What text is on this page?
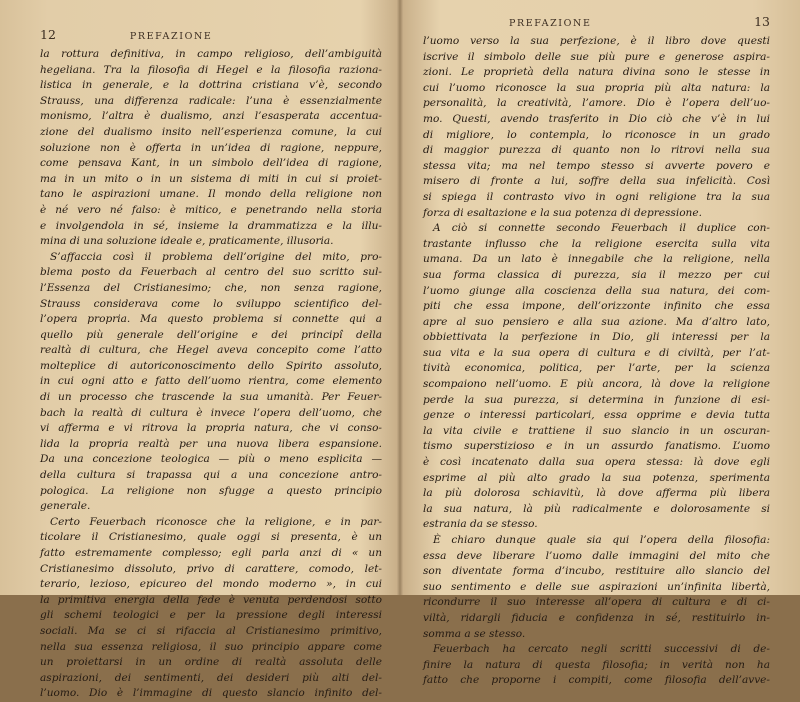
12	PREFAZIONE
la rottura definitiva, in campo religioso, dell’ambiguità
hegeliana. Tra la filosofia di Hegel e la filosofia raziona-
listica in generale, e la dottrina cristiana v’è, secondo
Strauss, una differenza radicale: l’una è essenzialmente
monismo, l’altra è dualismo, anzi l’esasperata accentua-
zione del dualismo insito nell’esperienza comune, la cui
soluzione non è offerta in un’idea di ragione, neppure,
come pensava Kant, in un simbolo dell’idea di ragione,
ma in un mito o in un sistema di miti in cui si proiet-
tano le aspirazioni umane. Il mondo della religione non
è né vero né falso: è mitico, e penetrando nella storia
e involgendola in sé, insieme la drammatizza e la illu-
mina di una soluzione ideale e, praticamente, illusoria.
S’affaccia così il problema dell’origine del mito, pro-
blema posto da Feuerbach al centro del suo scritto sul-
l’Essenza del Cristianesimo; che, non senza ragione,
Strauss considerava come lo sviluppo scientifico del-
l’opera propria. Ma questo problema si connette qui a
quello più generale dell’origine e dei principî della
realtà di cultura, che Hegel aveva concepito come l’atto
molteplice di autoriconoscimento dello Spirito assoluto,
in cui ogni atto e fatto dell’uomo rientra, come elemento
di un processo che trascende la sua umanità. Per Feuer-
bach la realtà di cultura è invece l’opera dell’uomo, che
vi afferma e vi ritrova la propria natura, che vi conso-
lida la propria realtà per una nuova libera espansione.
Da una concezione teologica — più o meno esplicita —
della cultura si trapassa qui a una concezione antro-
pologica. La religione non sfugge a questo principio
generale.
Certo Feuerbach riconosce che la religione, e in par-
ticolare il Cristianesimo, quale oggi si presenta, è un
fatto estremamente complesso; egli parla anzi di « un
Cristianesimo dissoluto, privo di carattere, comodo, let-
terario, lezioso, epicureo del mondo moderno », in cui
la primitiva energia della fede è venuta perdendosi sotto
gli schemi teologici e per la pressione degli interessi
sociali. Ma se ci si rifaccia al Cristianesimo primitivo,
nella sua essenza religiosa, il suo principio appare come
un proiettarsi in un ordine di realtà assoluta delle
aspirazioni, dei sentimenti, dei desideri più alti del-
l’uomo. Dio è l’immagine di questo slancio infinito del-
PREFAZIONE	13
l’uomo verso la sua perfezione, è il libro dove questi
iscrive il simbolo delle sue più pure e generose aspira-
zioni. Le proprietà della natura divina sono le stesse in
cui l’uomo riconosce la sua propria più alta natura: la
personalità, la creatività, l’amore. Dio è l’opera dell’uo-
mo. Questi, avendo trasferito in Dio ciò che v’è in lui
di migliore, lo contempla, lo riconosce in un grado
di maggior purezza di quanto non lo ritrovi nella sua
stessa vita; ma nel tempo stesso si avverte povero e
misero di fronte a lui, soffre della sua infelicità. Così
si spiega il contrasto vivo in ogni religione tra la sua
forza di esaltazione e la sua potenza di depressione.
A ciò si connette secondo Feuerbach il duplice con-
trastante influsso che la religione esercita sulla vita
umana. Da un lato è innegabile che la religione, nella
sua forma classica di purezza, sia il mezzo per cui
l’uomo giunge alla coscienza della sua natura, dei com-
piti che essa impone, dell’orizzonte infinito che essa
apre al suo pensiero e alla sua azione. Ma d’altro lato,
obbiettivata la perfezione in Dio, gli interessi per la
sua vita e la sua opera di cultura e di civiltà, per l’at-
tività economica, politica, per l’arte, per la scienza
scompaiono nell’uomo. E più ancora, là dove la religione
perde la sua purezza, si determina in funzione di esi-
genze o interessi particolari, essa opprime e devia tutta
la vita civile e trattiene il suo slancio in un oscuran-
tismo superstizioso e in un assurdo fanatismo. L’uomo
è così incatenato dalla sua opera stessa: là dove egli
esprime al più alto grado la sua potenza, sperimenta
la più dolorosa schiavitù, là dove afferma più libera
la sua natura, là più radicalmente e dolorosamente si
estrania da se stesso.
È chiaro dunque quale sia qui l’opera della filosofia:
essa deve liberare l’uomo dalle immagini del mito che
son diventate forma d’incubo, restituire allo slancio del
suo sentimento e delle sue aspirazioni un’infinita libertà,
ricondurre il suo interesse all’opera di cultura e di ci-
viltà, ridargli fiducia e confidenza in sé, restituirlo in-
somma a se stesso.
Feuerbach ha cercato negli scritti successivi di de-
finire la natura di questa filosofia; in verità non ha
fatto che proporne i compiti, come filosofia dell’avve-
